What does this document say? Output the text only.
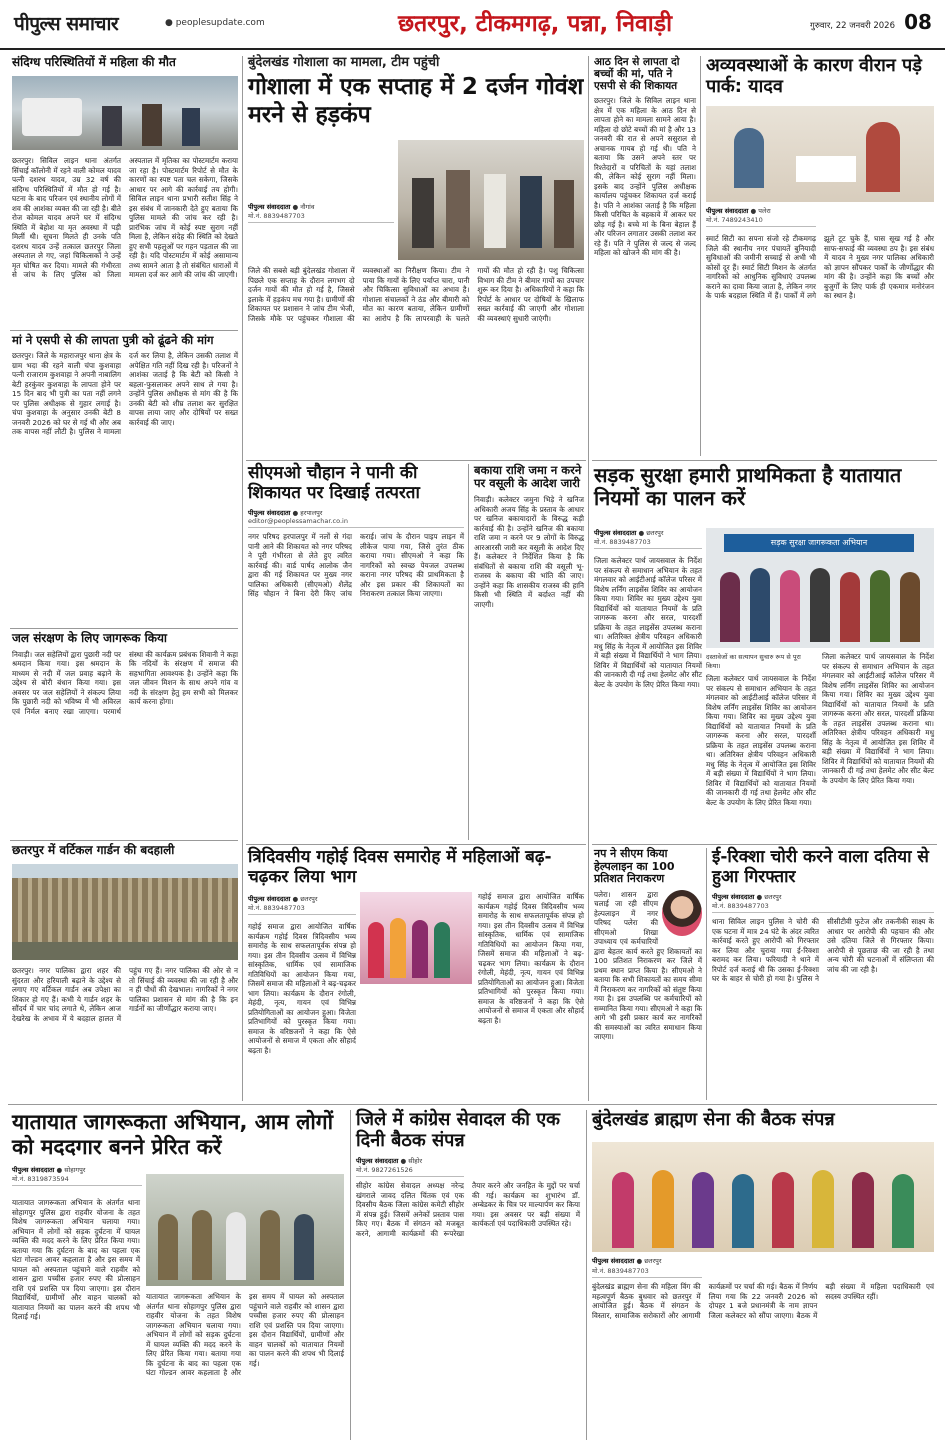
पीपुल्स समाचार	● peoplesupdate.com	छतरपुर, टीकमगढ़, पन्ना, निवाड़ी	गुरुवार, 22 जनवरी 2026 08
संदिग्ध परिस्थितियों में महिला की मौत
छतरपुर। सिविल लाइन थाना अंतर्गत सिंचाई कॉलोनी में रहने वाली कोमल यादव पत्नी दशरथ यादव, उम्र 32 वर्ष की संदिग्ध परिस्थितियों में मौत हो गई है। घटना के बाद परिजन एवं स्थानीय लोगों में शव की आशंका व्यक्त की जा रही है। बीते रोज कोमल यादव अपने घर में संदिग्ध स्थिति में बेहोश या मृत अवस्था में पड़ी मिलीं थी। सूचना मिलते ही उनके पति दशरथ यादव उन्हें तत्काल छतरपुर जिला अस्पताल ले गए, जहां चिकित्सकों ने उन्हें मृत घोषित कर दिया। मामले की गंभीरता से जांच के लिए पुलिस को जिला अस्पताल में मृतिका का पोस्टमार्टम कराया जा रहा है। पोस्टमार्टम रिपोर्ट से मौत के कारणों का स्पष्ट पता चल सकेगा, जिसके आधार पर आगे की कार्रवाई तय होगी। सिविल लाइन थाना प्रभारी सतीश सिंह ने इस संबंध में जानकारी देते हुए बताया कि पुलिस मामले की जांच कर रही है। प्रारंभिक जांच में कोई स्पष्ट सुराग नहीं मिला है, लेकिन संदेह की स्थिति को देखते हुए सभी पहलुओं पर गहन पड़ताल की जा रही है। यदि पोस्टमार्टम में कोई असामान्य तथ्य सामने आता है तो संबंधित धाराओं में मामला दर्ज कर आगे की जांच की जाएगी।
मां ने एसपी से की लापता पुत्री को ढूंढने की मांग
छतरपुर। जिले के महाराजपुर थाना क्षेत्र के ग्राम भदा की रहने वाली चंपा कुशवाहा पत्नी राजाराम कुशवाहा ने अपनी नाबालिग बेटी हरकुंवर कुशवाहा के लापता होने पर 15 दिन बाद भी पुत्री का पता नहीं लगने पर पुलिस अधीक्षक से गुहार लगाई है। चंपा कुशवाहा के अनुसार उनकी बेटी 8 जनवरी 2026 को घर से गई थी और अब तक वापस नहीं लौटी है। पुलिस ने मामला दर्ज कर लिया है, लेकिन उसकी तलाश में अपेक्षित गति नहीं दिख रही है। परिजनों ने आशंका जताई है कि बेटी को किसी ने बहला-फुसलाकर अपने साथ ले गया है। उन्होंने पुलिस अधीक्षक से मांग की है कि उनकी बेटी को शीघ्र तलाश कर सुरक्षित वापस लाया जाए और दोषियों पर सख्त कार्रवाई की जाए।
जल संरक्षण के लिए जागरूक किया
निवाड़ी। जल सहेलियों द्वारा पुछारी नदी पर श्रमदान किया गया। इस श्रमदान के माध्यम से नदी में जल प्रवाह बढ़ाने के उद्देश्य से बोरी बंधान किया गया। इस अवसर पर जल सहेलियों ने संकल्प लिया कि पुछारी नदी को भविष्य में भी अविरल एवं निर्मल बनाए रखा जाएगा। परमार्थ संस्था की कार्यक्रम प्रबंधक शिवानी ने कहा कि नदियों के संरक्षण में समाज की सहभागिता आवश्यक है। उन्होंने कहा कि जल जीवन मिशन के साथ अपने गांव व नदी के संरक्षण हेतु हम सभी को मिलकर कार्य करना होगा।
छतरपुर में वर्टिकल गार्डन की बदहाली
छतरपुर। नगर पालिका द्वारा शहर की सुंदरता और हरियाली बढ़ाने के उद्देश्य से लगाए गए वर्टिकल गार्डन अब उपेक्षा का शिकार हो गए हैं। कभी ये गार्डन शहर के सौंदर्य में चार चांद लगाते थे, लेकिन आज देखरेख के अभाव में ये बदहाल हालत में पहुंच गए हैं। नगर पालिका की ओर से न तो सिंचाई की व्यवस्था की जा रही है और न ही पौधों की देखभाल। नागरिकों ने नगर पालिका प्रशासन से मांग की है कि इन गार्डनों का जीर्णोद्धार कराया जाए।
बुंदेलखंड गोशाला का मामला, टीम पहुंची
गोशाला में एक सप्ताह में 2 दर्जन गोवंश मरने से हड़कंप
पीपुल्स संवाददाता ● नौगांव
मो.नं. 8839487703
जिले की सबसे बड़ी बुंदेलखंड गोशाला में पिछले एक सप्ताह के दौरान लगभग दो दर्जन गायों की मौत हो गई है, जिससे इलाके में हड़कंप मच गया है। ग्रामीणों की शिकायत पर प्रशासन ने जांच टीम भेजी, जिसके मौके पर पहुंचकर गौशाला की व्यवस्थाओं का निरीक्षण किया। टीम ने पाया कि गायों के लिए पर्याप्त चारा, पानी और चिकित्सा सुविधाओं का अभाव है। गोशाला संचालकों ने ठंड और बीमारी को मौत का कारण बताया, लेकिन ग्रामीणों का आरोप है कि लापरवाही के चलते गायों की मौत हो रही है। पशु चिकित्सा विभाग की टीम ने बीमार गायों का उपचार शुरू कर दिया है। अधिकारियों ने कहा कि रिपोर्ट के आधार पर दोषियों के खिलाफ सख्त कार्रवाई की जाएगी और गोशाला की व्यवस्थाएं सुधारी जाएंगी।
सीएमओ चौहान ने पानी की शिकायत पर दिखाई तत्परता
पीपुल्स संवाददाता ● हरपालपुर
editor@peoplessamachar.co.in
नगर परिषद हरपालपुर में नलों से गंदा पानी आने की शिकायत को नगर परिषद ने पूरी गंभीरता से लेते हुए त्वरित कार्रवाई की। वार्ड पार्षद आलोक जैन द्वारा की गई शिकायत पर मुख्य नगर पालिका अधिकारी (सीएमओ) शैलेंद्र सिंह चौहान ने बिना देरी किए जांच कराई। जांच के दौरान पाइप लाइन में लीकेज पाया गया, जिसे तुरंत ठीक कराया गया। सीएमओ ने कहा कि नागरिकों को स्वच्छ पेयजल उपलब्ध कराना नगर परिषद की प्राथमिकता है और इस प्रकार की शिकायतों का निराकरण तत्काल किया जाएगा।
बकाया राशि जमा न करने पर वसूली के आदेश जारी
निवाड़ी। कलेक्टर जमुना भिड़े ने खनिज अधिकारी अजय सिंह के प्रस्ताव के आधार पर खनिज बकायादारों के विरुद्ध कड़ी कार्रवाई की है। उन्होंने खनिज की बकाया राशि जमा न करने पर 9 लोगों के विरुद्ध आरआरसी जारी कर वसूली के आदेश दिए हैं। कलेक्टर ने निर्देशित किया है कि संबंधितों से बकाया राशि की वसूली भू-राजस्व के बकाया की भांति की जाए। उन्होंने कहा कि शासकीय राजस्व की हानि किसी भी स्थिति में बर्दाश्त नहीं की जाएगी।
त्रिदिवसीय गहोई दिवस समारोह में महिलाओं बढ़-चढ़कर लिया भाग
पीपुल्स संवाददाता ● छतरपुर
मो.नं. 8839487703
गहोई समाज द्वारा आयोजित वार्षिक कार्यक्रम गहोई दिवस त्रिदिवसीय भव्य समारोह के साथ सफलतापूर्वक संपन्न हो गया। इस तीन दिवसीय उत्सव में विभिन्न सांस्कृतिक, धार्मिक एवं सामाजिक गतिविधियों का आयोजन किया गया, जिसमें समाज की महिलाओं ने बढ़-चढ़कर भाग लिया। कार्यक्रम के दौरान रंगोली, मेहंदी, नृत्य, गायन एवं विभिन्न प्रतियोगिताओं का आयोजन हुआ। विजेता प्रतिभागियों को पुरस्कृत किया गया। समाज के वरिष्ठजनों ने कहा कि ऐसे आयोजनों से समाज में एकता और सौहार्द बढ़ता है।
गहोई समाज द्वारा आयोजित वार्षिक कार्यक्रम गहोई दिवस त्रिदिवसीय भव्य समारोह के साथ सफलतापूर्वक संपन्न हो गया। इस तीन दिवसीय उत्सव में विभिन्न सांस्कृतिक, धार्मिक एवं सामाजिक गतिविधियों का आयोजन किया गया, जिसमें समाज की महिलाओं ने बढ़-चढ़कर भाग लिया। कार्यक्रम के दौरान रंगोली, मेहंदी, नृत्य, गायन एवं विभिन्न प्रतियोगिताओं का आयोजन हुआ। विजेता प्रतिभागियों को पुरस्कृत किया गया। समाज के वरिष्ठजनों ने कहा कि ऐसे आयोजनों से समाज में एकता और सौहार्द बढ़ता है।
आठ दिन से लापता दो बच्चों की मां, पति ने एसपी से की शिकायत
छतरपुर। जिले के सिविल लाइन थाना क्षेत्र में एक महिला के आठ दिन से लापता होने का मामला सामने आया है। महिला दो छोटे बच्चों की मां है और 13 जनवरी की रात से अपने ससुराल से अचानक गायब हो गई थी। पति ने बताया कि उसने अपने स्तर पर रिश्तेदारों व परिचितों के यहां तलाश की, लेकिन कोई सुराग नहीं मिला। इसके बाद उन्होंने पुलिस अधीक्षक कार्यालय पहुंचकर शिकायत दर्ज कराई है। पति ने आशंका जताई है कि महिला किसी परिचित के बहकावे में आकर घर छोड़ गई है। बच्चे मां के बिना बेहाल हैं और परिजन लगातार उसकी तलाश कर रहे हैं। पति ने पुलिस से जल्द से जल्द महिला को खोजने की मांग की है।
अव्यवस्थाओं के कारण वीरान पड़े पार्क: यादव
पीपुल्स संवाददाता ● पलेरा
मो.नं. 7489243410
स्मार्ट सिटी का सपना संजो रहे टीकमगढ़ जिले की स्थानीय नगर पंचायतें बुनियादी सुविधाओं की जमीनी सच्चाई से अभी भी कोसों दूर हैं। स्मार्ट सिटी मिशन के अंतर्गत नागरिकों को आधुनिक सुविधाएं उपलब्ध कराने का दावा किया जाता है, लेकिन नगर के पार्क बदहाल स्थिति में हैं। पार्कों में लगे झूले टूट चुके हैं, घास सूख गई है और साफ-सफाई की व्यवस्था ठप है। इस संबंध में यादव ने मुख्य नगर पालिका अधिकारी को ज्ञापन सौंपकर पार्कों के जीर्णोद्धार की मांग की है। उन्होंने कहा कि बच्चों और बुजुर्गों के लिए पार्क ही एकमात्र मनोरंजन का स्थान है।
सड़क सुरक्षा हमारी प्राथमिकता है यातायात नियमों का पालन करें
पीपुल्स संवाददाता ● छतरपुर
मो.नं. 8839487703	सड़क सुरक्षा जागरूकता अभियान
जिला कलेक्टर पार्थ जायसवाल के निर्देश पर संकल्प से समाधान अभियान के तहत मंगलवार को आईटीआई कॉलेज परिसर में विशेष लर्निंग लाइसेंस शिविर का आयोजन किया गया। शिविर का मुख्य उद्देश्य युवा विद्यार्थियों को यातायात नियमों के प्रति जागरूक करना और सरल, पारदर्शी प्रक्रिया के तहत लाइसेंस उपलब्ध कराना था। अतिरिक्त क्षेत्रीय परिवहन अधिकारी मधु सिंह के नेतृत्व में आयोजित इस शिविर में बड़ी संख्या में विद्यार्थियों ने भाग लिया। शिविर में विद्यार्थियों को यातायात नियमों की जानकारी दी गई तथा हेलमेट और सीट बेल्ट के उपयोग के लिए प्रेरित किया गया।
दस्तावेजों का सत्यापन सुचारु रूप से पूरा किया।
जिला कलेक्टर पार्थ जायसवाल के निर्देश पर संकल्प से समाधान अभियान के तहत मंगलवार को आईटीआई कॉलेज परिसर में विशेष लर्निंग लाइसेंस शिविर का आयोजन किया गया। शिविर का मुख्य उद्देश्य युवा विद्यार्थियों को यातायात नियमों के प्रति जागरूक करना और सरल, पारदर्शी प्रक्रिया के तहत लाइसेंस उपलब्ध कराना था। अतिरिक्त क्षेत्रीय परिवहन अधिकारी मधु सिंह के नेतृत्व में आयोजित इस शिविर में बड़ी संख्या में विद्यार्थियों ने भाग लिया। शिविर में विद्यार्थियों को यातायात नियमों की जानकारी दी गई तथा हेलमेट और सीट बेल्ट के उपयोग के लिए प्रेरित किया गया।
जिला कलेक्टर पार्थ जायसवाल के निर्देश पर संकल्प से समाधान अभियान के तहत मंगलवार को आईटीआई कॉलेज परिसर में विशेष लर्निंग लाइसेंस शिविर का आयोजन किया गया। शिविर का मुख्य उद्देश्य युवा विद्यार्थियों को यातायात नियमों के प्रति जागरूक करना और सरल, पारदर्शी प्रक्रिया के तहत लाइसेंस उपलब्ध कराना था। अतिरिक्त क्षेत्रीय परिवहन अधिकारी मधु सिंह के नेतृत्व में आयोजित इस शिविर में बड़ी संख्या में विद्यार्थियों ने भाग लिया। शिविर में विद्यार्थियों को यातायात नियमों की जानकारी दी गई तथा हेलमेट और सीट बेल्ट के उपयोग के लिए प्रेरित किया गया।
नप ने सीएम किया हेल्पलाइन का 100 प्रतिशत निराकरण
पलेरा। शासन द्वारा चलाई जा रही सीएम हेल्पलाइन में नगर परिषद पलेरा की सीएमओ शिखा उपाध्याय एवं कर्मचारियों द्वारा बेहतर कार्य करते हुए शिकायतों का 100 प्रतिशत निराकरण कर जिले में प्रथम स्थान प्राप्त किया है। सीएमओ ने बताया कि सभी शिकायतों का समय सीमा में निराकरण कर नागरिकों को संतुष्ट किया गया है। इस उपलब्धि पर कर्मचारियों को सम्मानित किया गया। सीएमओ ने कहा कि आगे भी इसी प्रकार कार्य कर नागरिकों की समस्याओं का त्वरित समाधान किया जाएगा।
ई-रिक्शा चोरी करने वाला दतिया से हुआ गिरफ्तार
पीपुल्स संवाददाता ● छतरपुर
मो.नं. 8839487703
थाना सिविल लाइन पुलिस ने चोरी की एक घटना में मात्र 24 घंटे के अंदर त्वरित कार्रवाई करते हुए आरोपी को गिरफ्तार कर लिया और चुराया गया ई-रिक्शा बरामद कर लिया। फरियादी ने थाने में रिपोर्ट दर्ज कराई थी कि उसका ई-रिक्शा घर के बाहर से चोरी हो गया है। पुलिस ने सीसीटीवी फुटेज और तकनीकी साक्ष्य के आधार पर आरोपी की पहचान की और उसे दतिया जिले से गिरफ्तार किया। आरोपी से पूछताछ की जा रही है तथा अन्य चोरी की घटनाओं में संलिप्तता की जांच की जा रही है।
यातायात जागरूकता अभियान, आम लोगों को मददगार बनने प्रेरित करें
पीपुल्स संवाददाता ● सोहागपुर
मो.नं. 8319873594
यातायात जागरूकता अभियान के अंतर्गत थाना सोहागपुर पुलिस द्वारा राहवीर योजना के तहत विशेष जागरूकता अभियान चलाया गया। अभियान में लोगों को सड़क दुर्घटना में घायल व्यक्ति की मदद करने के लिए प्रेरित किया गया। बताया गया कि दुर्घटना के बाद का पहला एक घंटा गोल्डन आवर कहलाता है और इस समय में घायल को अस्पताल पहुंचाने वाले राहवीर को शासन द्वारा पच्चीस हजार रुपए की प्रोत्साहन राशि एवं प्रशस्ति पत्र दिया जाएगा। इस दौरान विद्यार्थियों, ग्रामीणों और वाहन चालकों को यातायात नियमों का पालन करने की शपथ भी दिलाई गई।
यातायात जागरूकता अभियान के अंतर्गत थाना सोहागपुर पुलिस द्वारा राहवीर योजना के तहत विशेष जागरूकता अभियान चलाया गया। अभियान में लोगों को सड़क दुर्घटना में घायल व्यक्ति की मदद करने के लिए प्रेरित किया गया। बताया गया कि दुर्घटना के बाद का पहला एक घंटा गोल्डन आवर कहलाता है और इस समय में घायल को अस्पताल पहुंचाने वाले राहवीर को शासन द्वारा पच्चीस हजार रुपए की प्रोत्साहन राशि एवं प्रशस्ति पत्र दिया जाएगा। इस दौरान विद्यार्थियों, ग्रामीणों और वाहन चालकों को यातायात नियमों का पालन करने की शपथ भी दिलाई गई।
जिले में कांग्रेस सेवादल की एक दिनी बैठक संपन्न
पीपुल्स संवाददाता ● सीहोर
मो.नं. 9827261526
सीहोर कांग्रेस सेवादल अध्यक्ष नरेन्द्र खंगराले जावद दलित चिंतक एवं एक दिवसीय बैठक जिला कांग्रेस कमेटी सीहोर में संपन्न हुई। जिसमें अनेकों प्रस्ताव पास किए गए। बैठक में संगठन को मजबूत करने, आगामी कार्यक्रमों की रूपरेखा तैयार करने और जनहित के मुद्दों पर चर्चा की गई। कार्यक्रम का शुभारंभ डॉ. अम्बेडकर के चित्र पर माल्यार्पण कर किया गया। इस अवसर पर बड़ी संख्या में कार्यकर्ता एवं पदाधिकारी उपस्थित रहे।
बुंदेलखंड ब्राह्मण सेना की बैठक संपन्न
पीपुल्स संवाददाता ● छतरपुर
मो.नं. 8839487703
बुंदेलखंड ब्राह्मण सेना की महिला विंग की महत्वपूर्ण बैठक बुधवार को छतरपुर में आयोजित हुई। बैठक में संगठन के विस्तार, सामाजिक सरोकारों और आगामी कार्यक्रमों पर चर्चा की गई। बैठक में निर्णय लिया गया कि 22 जनवरी 2026 को दोपहर 1 बजे प्रधानमंत्री के नाम ज्ञापन जिला कलेक्टर को सौंपा जाएगा। बैठक में बड़ी संख्या में महिला पदाधिकारी एवं सदस्य उपस्थित रहीं।
